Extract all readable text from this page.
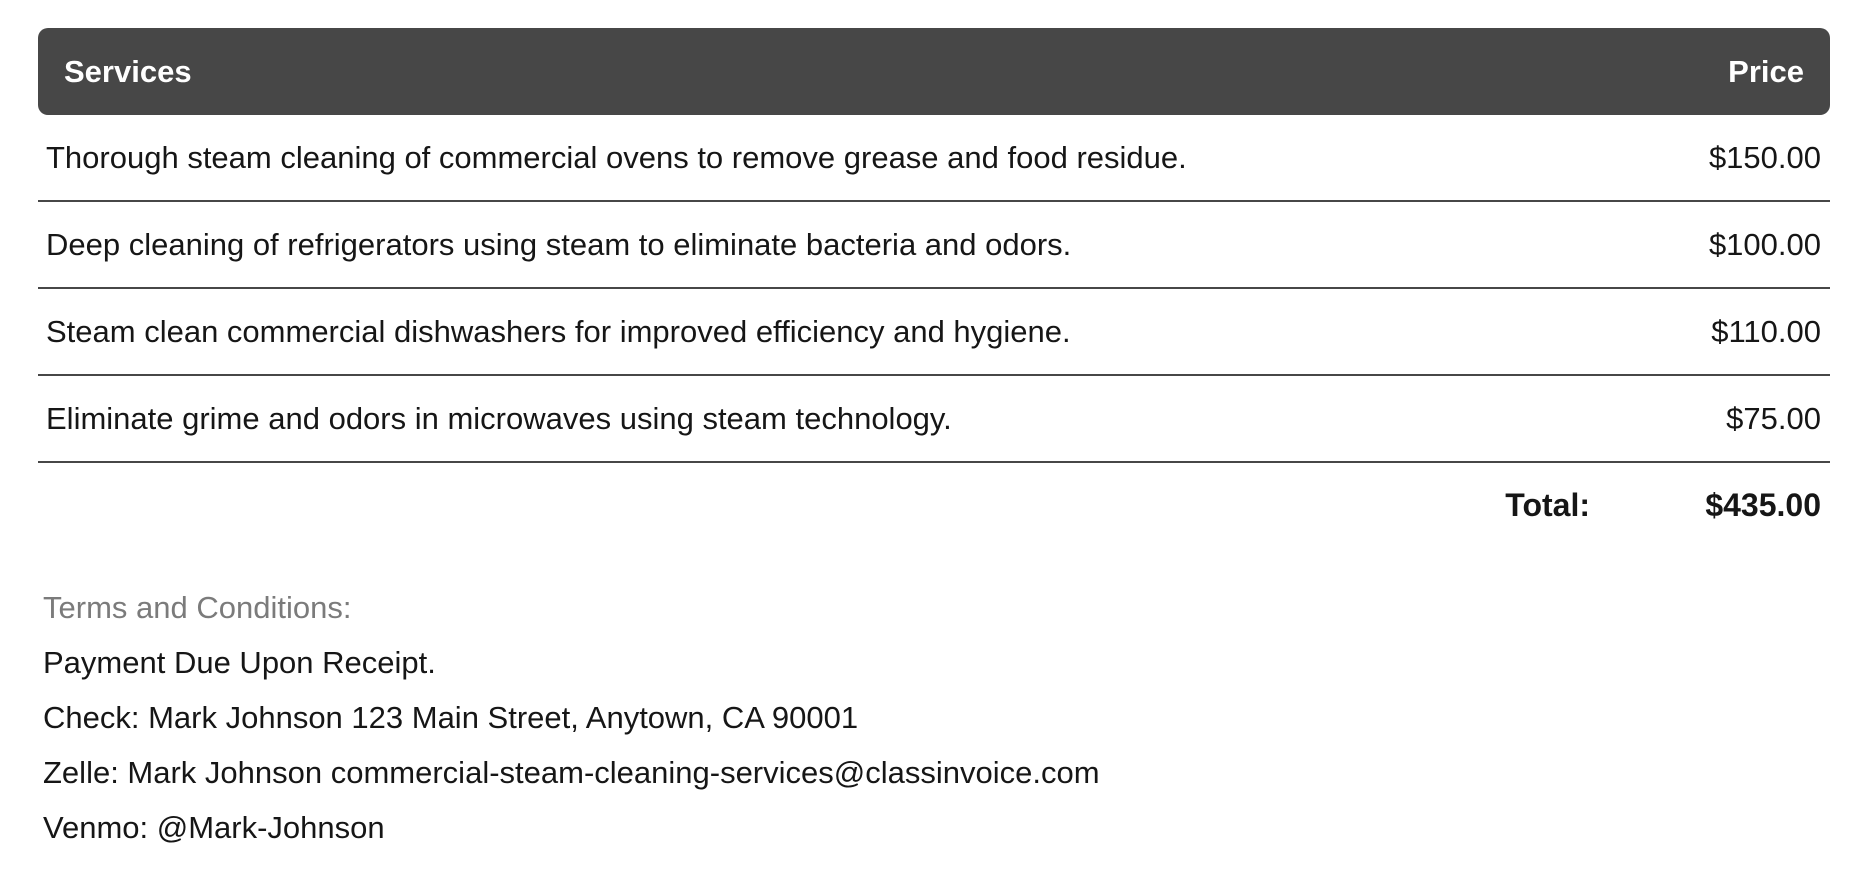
Services	Price
Thorough steam cleaning of commercial ovens to remove grease and food residue.	$150.00
Deep cleaning of refrigerators using steam to eliminate bacteria and odors.	$100.00
Steam clean commercial dishwashers for improved efficiency and hygiene.	$110.00
Eliminate grime and odors in microwaves using steam technology.	$75.00
Total:	$435.00
Terms and Conditions:
Payment Due Upon Receipt.
Check: Mark Johnson 123 Main Street, Anytown, CA 90001
Zelle: Mark Johnson commercial-steam-cleaning-services@classinvoice.com
Venmo: @Mark-Johnson
